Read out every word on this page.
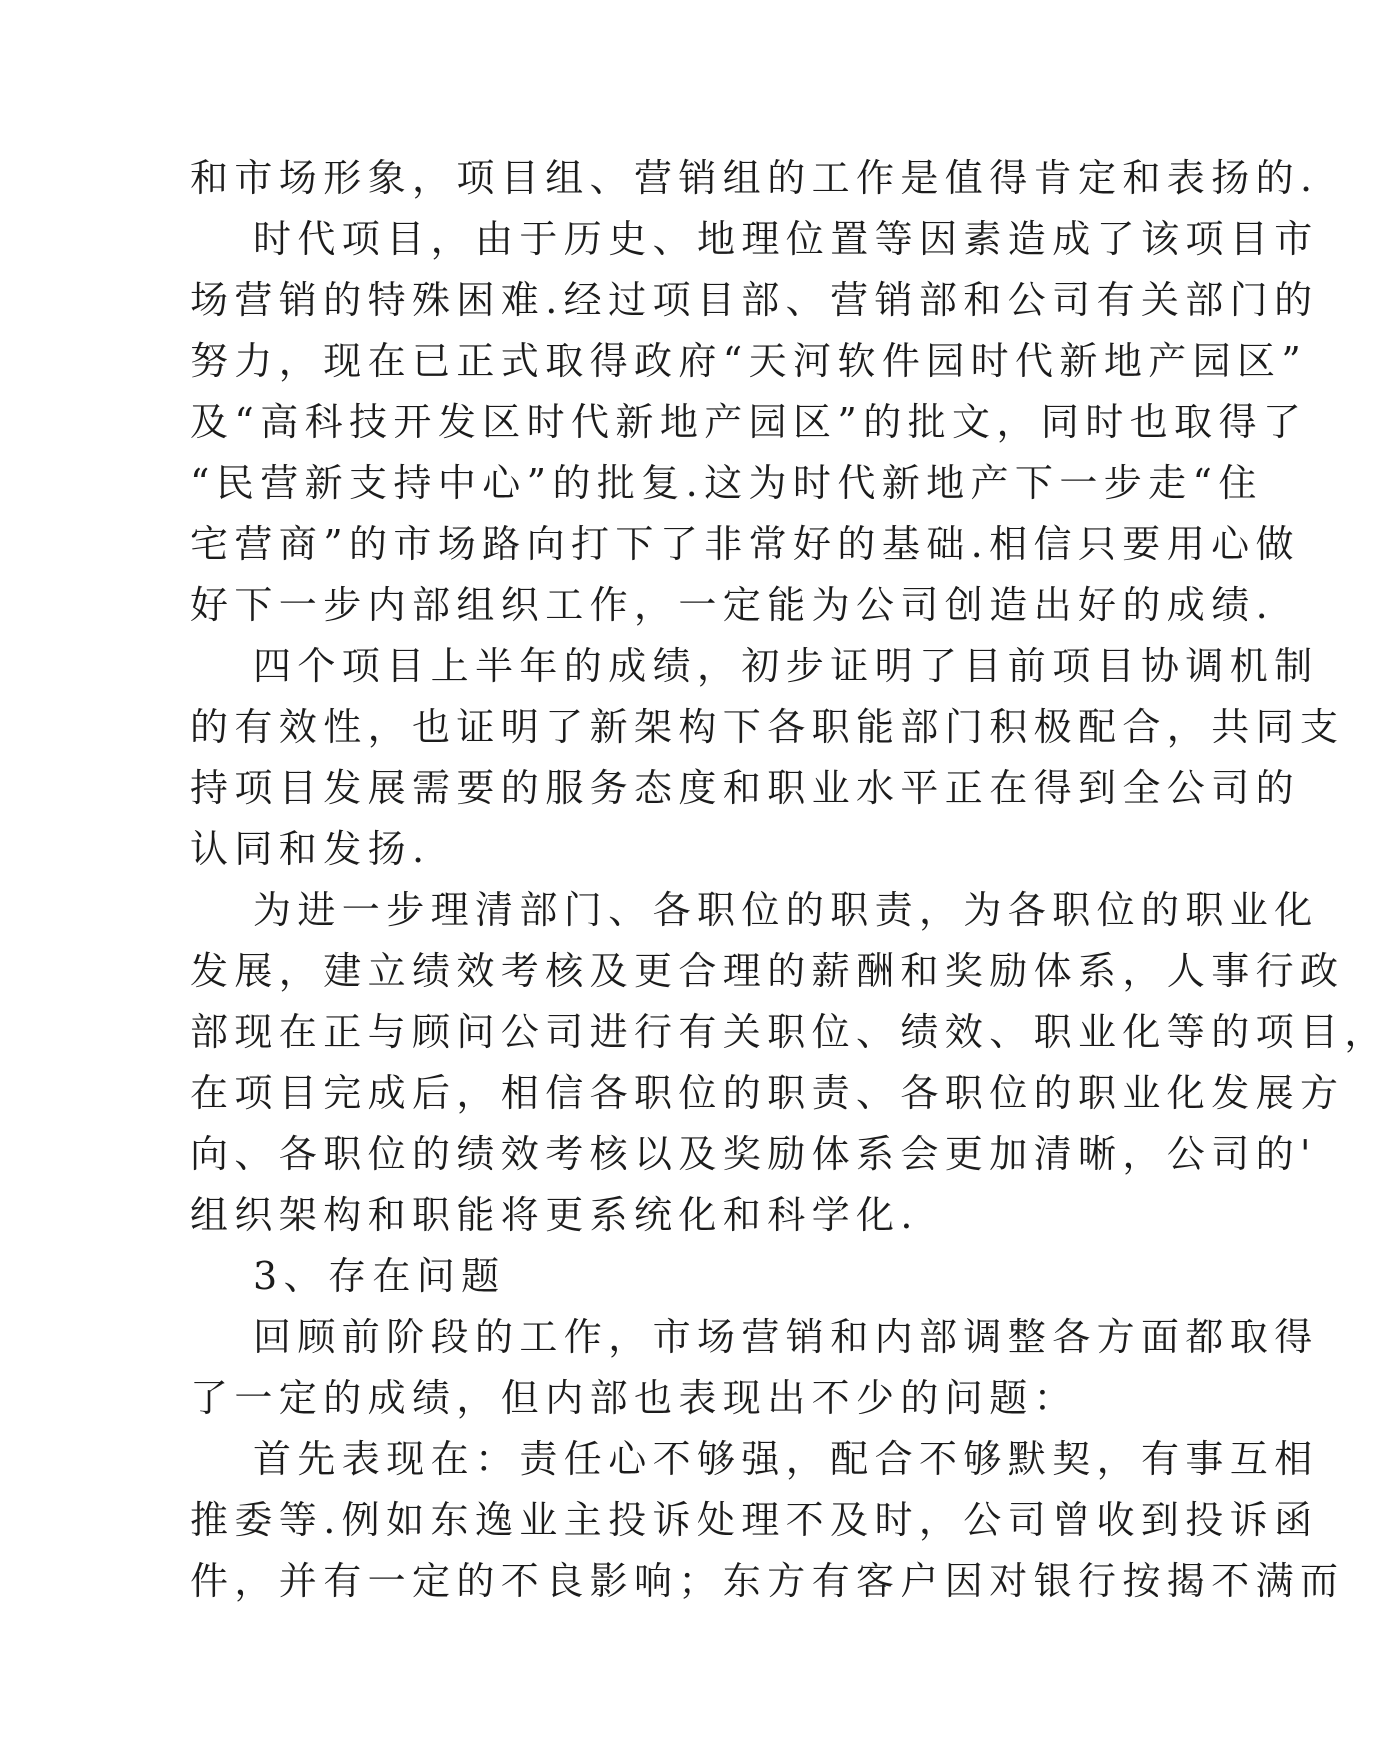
和市场形象，项目组、营销组的工作是值得肯定和表扬的.
时代项目，由于历史、地理位置等因素造成了该项目市
场营销的特殊困难.经过项目部、营销部和公司有关部门的
努力，现在已正式取得政府“天河软件园时代新地产园区”
及“高科技开发区时代新地产园区”的批文，同时也取得了
“民营新支持中心”的批复.这为时代新地产下一步走“住
宅营商”的市场路向打下了非常好的基础.相信只要用心做
好下一步内部组织工作，一定能为公司创造出好的成绩.
四个项目上半年的成绩，初步证明了目前项目协调机制
的有效性，也证明了新架构下各职能部门积极配合，共同支
持项目发展需要的服务态度和职业水平正在得到全公司的
认同和发扬.
为进一步理清部门、各职位的职责，为各职位的职业化
发展，建立绩效考核及更合理的薪酬和奖励体系，人事行政
部现在正与顾问公司进行有关职位、绩效、职业化等的项目，
在项目完成后，相信各职位的职责、各职位的职业化发展方
向、各职位的绩效考核以及奖励体系会更加清晰，公司的'
组织架构和职能将更系统化和科学化.
3、存在问题
回顾前阶段的工作，市场营销和内部调整各方面都取得
了一定的成绩，但内部也表现出不少的问题：
首先表现在：责任心不够强，配合不够默契，有事互相
推委等.例如东逸业主投诉处理不及时，公司曾收到投诉函
件，并有一定的不良影响；东方有客户因对银行按揭不满而
